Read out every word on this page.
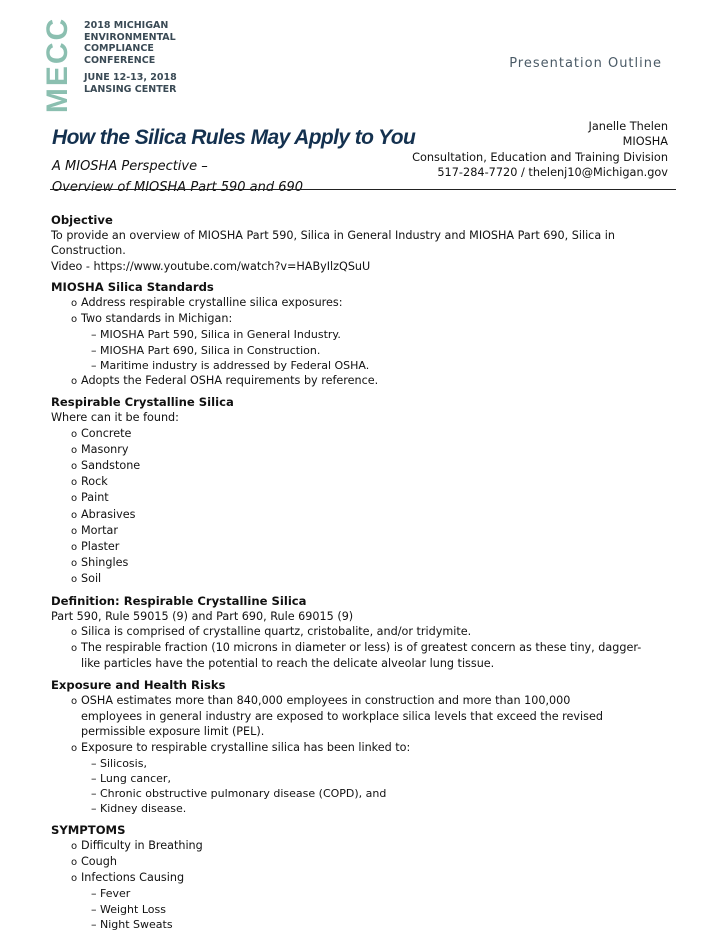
MECC 2018 MICHIGAN
ENVIRONMENTAL
COMPLIANCE
CONFERENCE
JUNE 12-13, 2018
LANSING CENTER
Presentation Outline
How the Silica Rules May Apply to You
A MIOSHA Perspective –
Overview of MIOSHA Part 590 and 690
Janelle Thelen
MIOSHA
Consultation, Education and Training Division
517-284-7720 / thelenj10@Michigan.gov
Objective
To provide an overview of MIOSHA Part 590, Silica in General Industry and MIOSHA Part 690, Silica in
Construction.
Video - https://www.youtube.com/watch?v=HAByIlzQSuU
MIOSHA Silica Standards
o Address respirable crystalline silica exposures:
o Two standards in Michigan:
– MIOSHA Part 590, Silica in General Industry.
– MIOSHA Part 690, Silica in Construction.
– Maritime industry is addressed by Federal OSHA.
o Adopts the Federal OSHA requirements by reference.
Respirable Crystalline Silica
Where can it be found:
o Concrete
o Masonry
o Sandstone
o Rock
o Paint
o Abrasives
o Mortar
o Plaster
o Shingles
o Soil
Definition: Respirable Crystalline Silica
Part 590, Rule 59015 (9) and Part 690, Rule 69015 (9)
o Silica is comprised of crystalline quartz, cristobalite, and/or tridymite.
o The respirable fraction (10 microns in diameter or less) is of greatest concern as these tiny, dagger-
like particles have the potential to reach the delicate alveolar lung tissue.
Exposure and Health Risks
o OSHA estimates more than 840,000 employees in construction and more than 100,000
employees in general industry are exposed to workplace silica levels that exceed the revised
permissible exposure limit (PEL).
o Exposure to respirable crystalline silica has been linked to:
– Silicosis,
– Lung cancer,
– Chronic obstructive pulmonary disease (COPD), and
– Kidney disease.
SYMPTOMS
o Difficulty in Breathing
o Cough
o Infections Causing
– Fever
– Weight Loss
– Night Sweats
